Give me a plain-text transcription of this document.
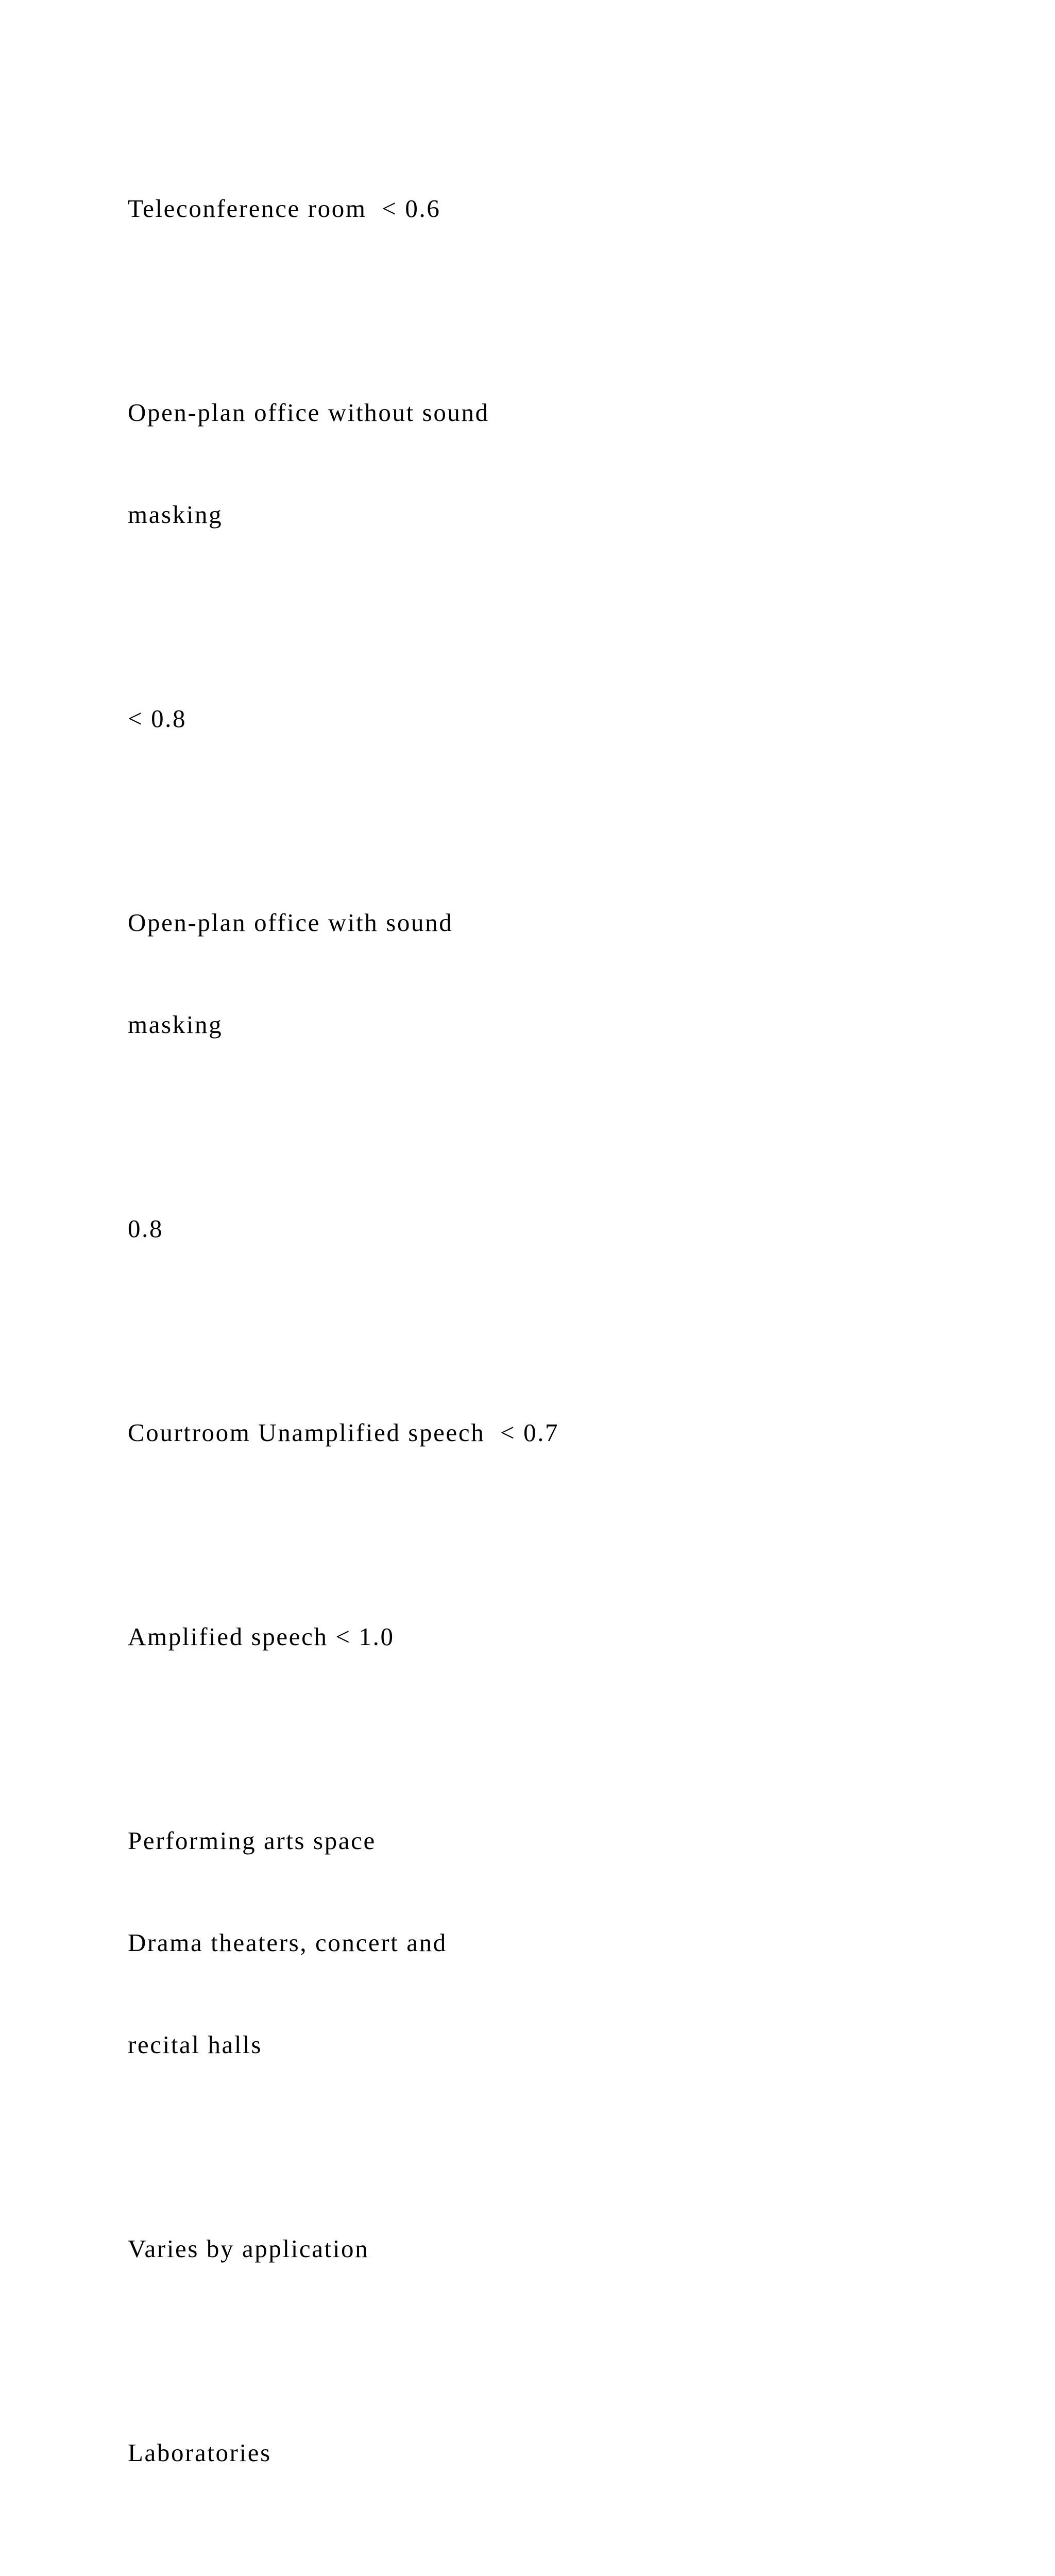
Teleconference room  < 0.6

Open-plan office without sound

masking

< 0.8

Open-plan office with sound

masking

0.8

Courtroom Unamplified speech  < 0.7

Amplified speech < 1.0

Performing arts space

Drama theaters, concert and

recital halls

Varies by application

Laboratories
